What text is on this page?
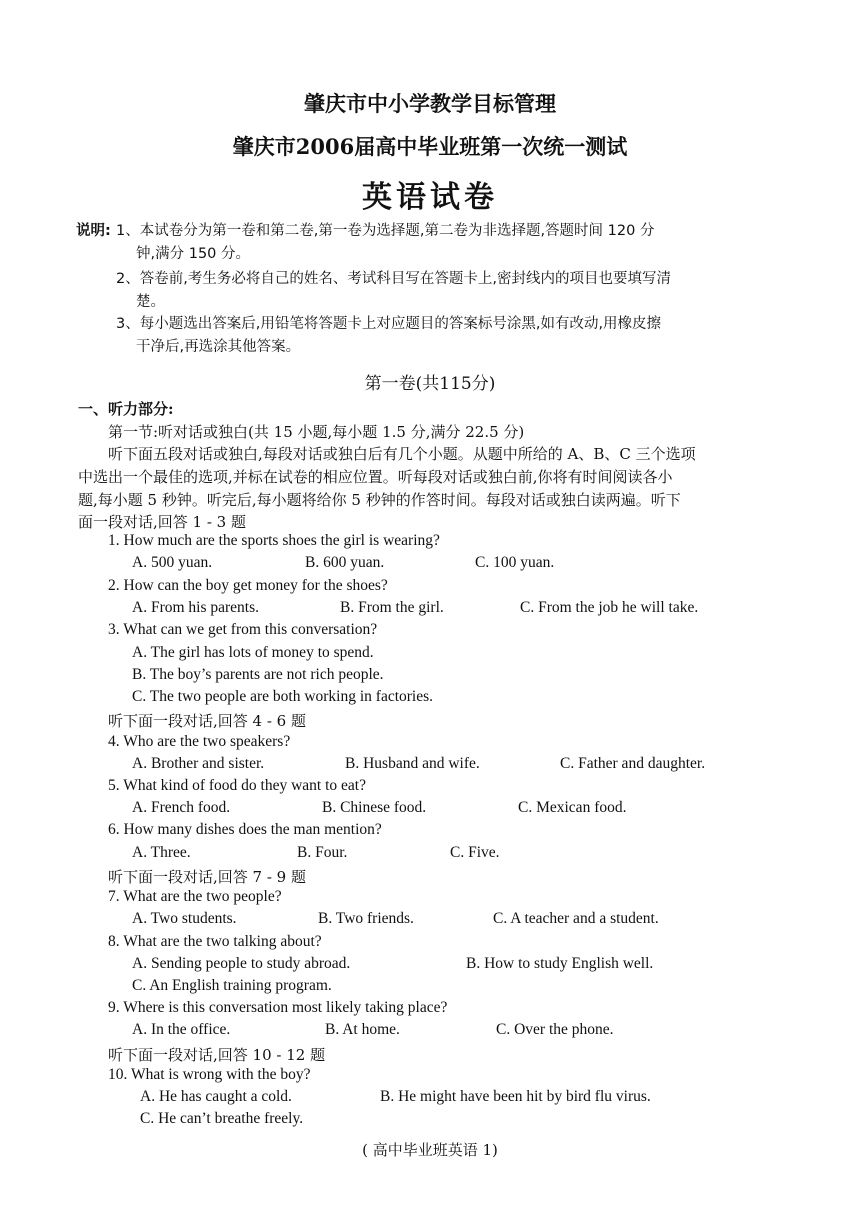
肇庆市中小学教学目标管理
肇庆市2006届高中毕业班第一次统一测试
英语试卷
说明: 1、本试卷分为第一卷和第二卷,第一卷为选择题,第二卷为非选择题,答题时间 120 分
钟,满分 150 分。
2、答卷前,考生务必将自己的姓名、考试科目写在答题卡上,密封线内的项目也要填写清
楚。
3、每小题选出答案后,用铅笔将答题卡上对应题目的答案标号涂黑,如有改动,用橡皮擦
干净后,再选涂其他答案。
第一卷(共115分)
一、听力部分:
第一节:听对话或独白(共 15 小题,每小题 1.5 分,满分 22.5 分)
听下面五段对话或独白,每段对话或独白后有几个小题。从题中所给的 A、B、C 三个选项
中选出一个最佳的选项,并标在试卷的相应位置。听每段对话或独白前,你将有时间阅读各小
题,每小题 5 秒钟。听完后,每小题将给你 5 秒钟的作答时间。每段对话或独白读两遍。听下
面一段对话,回答 1 - 3 题
1. How much are the sports shoes the girl is wearing?
A. 500 yuan.	B. 600 yuan.	C. 100 yuan.
2. How can the boy get money for the shoes?
A. From his parents.	B. From the girl.	C. From the job he will take.
3. What can we get from this conversation?
A. The girl has lots of money to spend.
B. The boy’s parents are not rich people.
C. The two people are both working in factories.
听下面一段对话,回答 4 - 6 题
4. Who are the two speakers?
A. Brother and sister.	B. Husband and wife.	C. Father and daughter.
5. What kind of food do they want to eat?
A. French food.	B. Chinese food.	C. Mexican food.
6. How many dishes does the man mention?
A. Three.	B. Four.	C. Five.
听下面一段对话,回答 7 - 9 题
7. What are the two people?
A. Two students.	B. Two friends.	C. A teacher and a student.
8. What are the two talking about?
A. Sending people to study abroad.	B. How to study English well.
C. An English training program.
9. Where is this conversation most likely taking place?
A. In the office.	B. At home.	C. Over the phone.
听下面一段对话,回答 10 - 12 题
10. What is wrong with the boy?
A. He has caught a cold.	B. He might have been hit by bird flu virus.
C. He can’t breathe freely.
( 高中毕业班英语 1)
